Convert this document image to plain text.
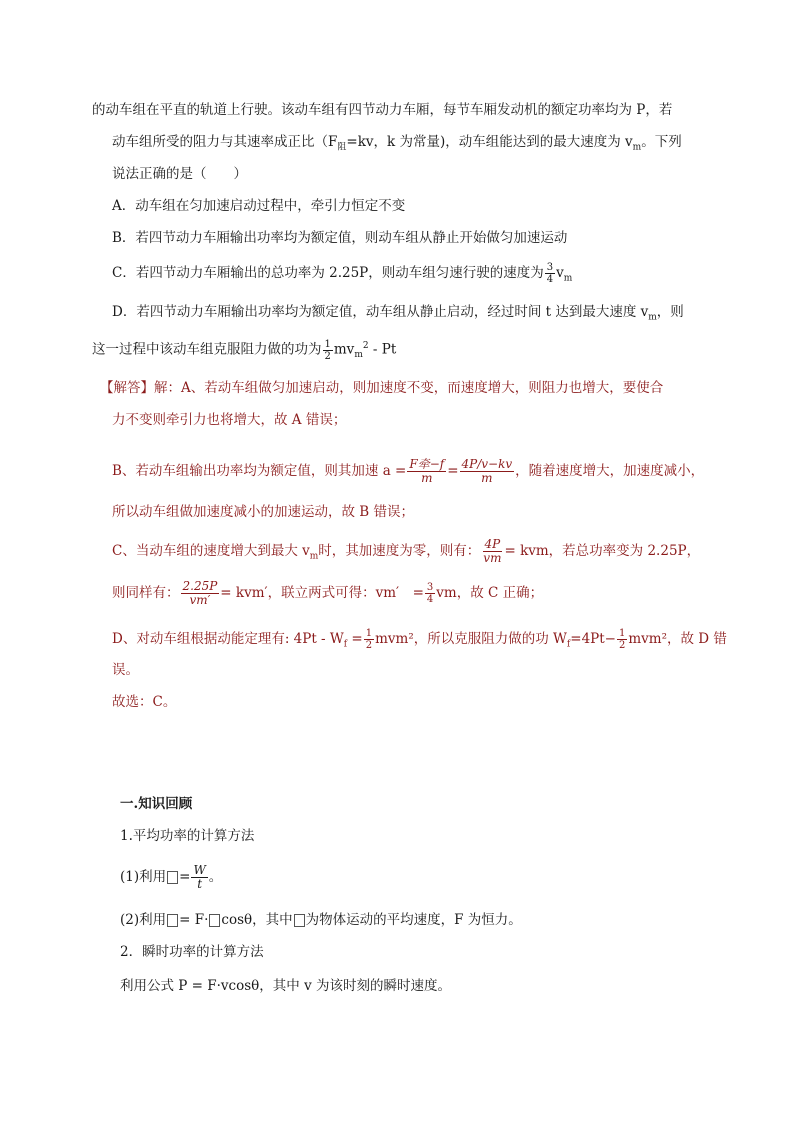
的动车组在平直的轨道上行驶。该动车组有四节动力车厢，每节车厢发动机的额定功率均为 P，若
动车组所受的阻力与其速率成正比（$F_阻=kv$，k 为常量)，动车组能达到的最大速度为 $v_m$。下列
说法正确的是（　　）
A．动车组在匀加速启动过程中，牵引力恒定不变
B．若四节动力车厢输出功率均为额定值，则动车组从静止开始做匀加速运动
C．若四节动力车厢输出的总功率为 2.25P，则动车组匀速行驶的速度为 $\frac{3}{4} v_m$
D．若四节动力车厢输出功率均为额定值，动车组从静止启动，经过时间 t 达到最大速度 $v_m$，则
这一过程中该动车组克服阻力做的功为 $\frac{1}{2} mv_m^2$ - Pt
【解答】解：A、若动车组做匀加速启动，则加速度不变，而速度增大，则阻力也增大，要使合
力不变则牵引力也将增大，故 A 错误；
B、若动车组输出功率均为额定值，则其加速 $a = \frac{\text{F牵−f}}{m} = \frac{4P/v-kv}{m}$ ，随着速度增大，加速度减小，
所以动车组做加速度减小的加速运动，故 B 错误；
C、当动车组的速度增大到最大 $v_m$时，其加速度为零，则有： $\frac{4P}{vm}$ = kvm，若总功率变为 2.25P，
则同样有： $\frac{2.25P}{vm'} = kvm'$，联立两式可得：vm′　= $\frac{3}{4}$ vm，故 C 正确；
D、对动车组根据动能定理有: $4Pt - W_f = \frac{1}{2} mvm^2$，所以克服阻力做的功 $W_f=4Pt- \frac{1}{2} mvm^2$，故 D 错
误。
故选：C。
一.知识回顾
1.平均功率的计算方法
(1)利用 = $\frac{W}{t}$ 。
(2)利用 = F· cosθ，其中 为物体运动的平均速度，F 为恒力。
2．瞬时功率的计算方法
利用公式 P = F·vcosθ，其中 v 为该时刻的瞬时速度。
